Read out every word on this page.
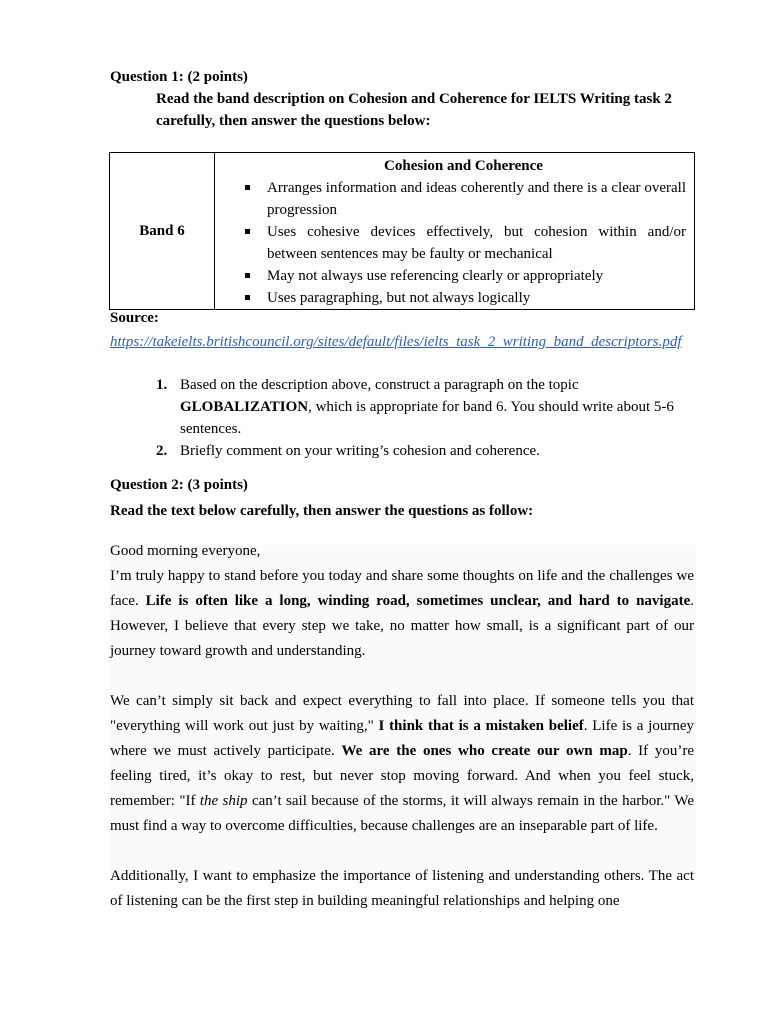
Question 1: (2 points)
Read the band description on Cohesion and Coherence for IELTS Writing task 2 carefully, then answer the questions below:
Band 6	
Cohesion and Coherence
Arranges information and ideas coherently and there is a clear overall progression
Uses cohesive devices effectively, but cohesion within and/or between sentences may be faulty or mechanical
May not always use referencing clearly or appropriately
Uses paragraphing, but not always logically
Source:
https://takeielts.britishcouncil.org/sites/default/files/ielts_task_2_writing_band_descriptors.pdf
1. Based on the description above, construct a paragraph on the topic GLOBALIZATION, which is appropriate for band 6. You should write about 5-6 sentences.
2. Briefly comment on your writing’s cohesion and coherence.
Question 2: (3 points)
Read the text below carefully, then answer the questions as follow:

Good morning everyone,

I’m truly happy to stand before you today and share some thoughts on life and the challenges we face. Life is often like a long, winding road, sometimes unclear, and hard to navigate. However, I believe that every step we take, no matter how small, is a significant part of our journey toward growth and understanding.

We can’t simply sit back and expect everything to fall into place. If someone tells you that "everything will work out just by waiting," I think that is a mistaken belief. Life is a journey where we must actively participate. We are the ones who create our own map. If you’re feeling tired, it’s okay to rest, but never stop moving forward. And when you feel stuck, remember: "If the ship can’t sail because of the storms, it will always remain in the harbor." We must find a way to overcome difficulties, because challenges are an inseparable part of life.

Additionally, I want to emphasize the importance of listening and understanding others. The act of listening can be the first step in building meaningful relationships and helping one
